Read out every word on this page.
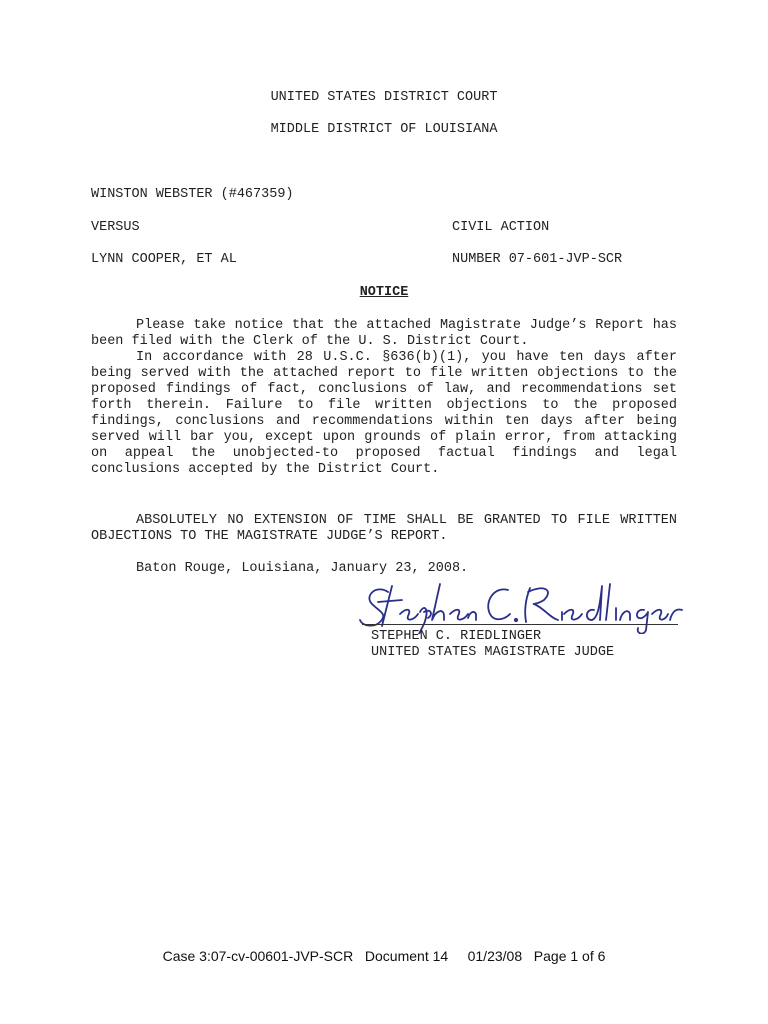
UNITED STATES DISTRICT COURT
MIDDLE DISTRICT OF LOUISIANA
WINSTON WEBSTER (#467359)
VERSUS	CIVIL ACTION
LYNN COOPER, ET AL	NUMBER 07-601-JVP-SCR
NOTICE

Please take notice that the attached Magistrate Judge’s Report has been filed with the Clerk of the U. S. District Court.

In accordance with 28 U.S.C. §636(b)(1), you have ten days after being served with the attached report to file written objections to the proposed findings of fact, conclusions of law, and recommendations set forth therein. Failure to file written objections to the proposed findings, conclusions and recommendations within ten days after being served will bar you, except upon grounds of plain error, from attacking on appeal the unobjected-to proposed factual findings and legal conclusions accepted by the District Court.

ABSOLUTELY NO EXTENSION OF TIME SHALL BE GRANTED TO FILE WRITTEN OBJECTIONS TO THE MAGISTRATE JUDGE’S REPORT.

Baton Rouge, Louisiana, January 23, 2008.
STEPHEN C. RIEDLINGER
UNITED STATES MAGISTRATE JUDGE
Case 3:07-cv-00601-JVP-SCR   Document 14     01/23/08   Page 1 of 6
